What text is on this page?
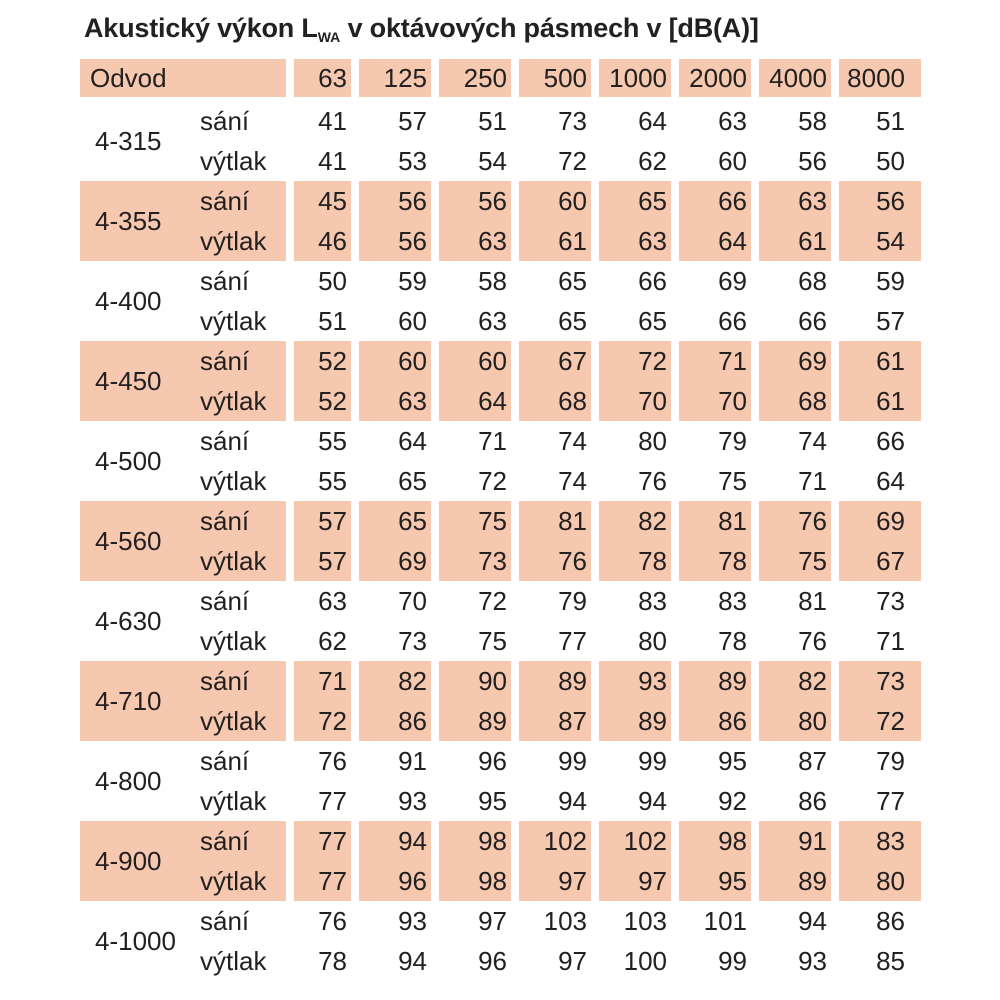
Akustický výkon $L_{WA}$ v oktávových pásmech v [dB(A)]
Odvod		63	125	250	500	1000	2000	4000	8000
4-315	sání	41	57	51	73	64	63	58	51
	výtlak	41	53	54	72	62	60	56	50
4-355	sání	45	56	56	60	65	66	63	56
	výtlak	46	56	63	61	63	64	61	54
4-400	sání	50	59	58	65	66	69	68	59
	výtlak	51	60	63	65	65	66	66	57
4-450	sání	52	60	60	67	72	71	69	61
	výtlak	52	63	64	68	70	70	68	61
4-500	sání	55	64	71	74	80	79	74	66
	výtlak	55	65	72	74	76	75	71	64
4-560	sání	57	65	75	81	82	81	76	69
	výtlak	57	69	73	76	78	78	75	67
4-630	sání	63	70	72	79	83	83	81	73
	výtlak	62	73	75	77	80	78	76	71
4-710	sání	71	82	90	89	93	89	82	73
	výtlak	72	86	89	87	89	86	80	72
4-800	sání	76	91	96	99	99	95	87	79
	výtlak	77	93	95	94	94	92	86	77
4-900	sání	77	94	98	102	102	98	91	83
	výtlak	77	96	98	97	97	95	89	80
4-1000	sání	76	93	97	103	103	101	94	86
	výtlak	78	94	96	97	100	99	93	85
